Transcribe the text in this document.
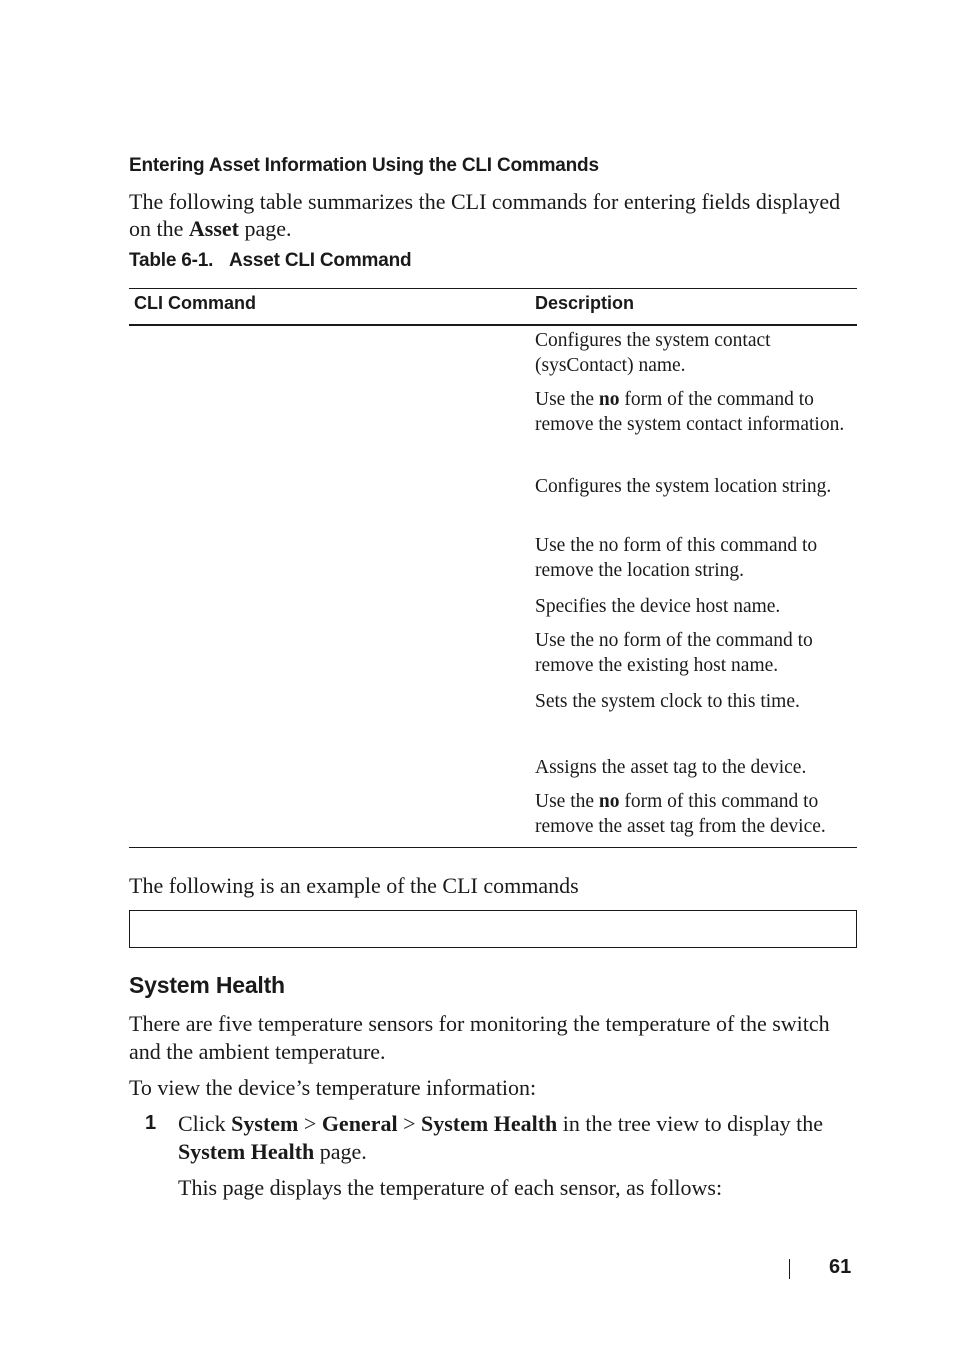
Entering Asset Information Using the CLI Commands
The following table summarizes the CLI commands for entering fields displayed on the Asset page.
Table 6-1. Asset CLI Command
CLI Command	Description
Configures the system contact (sysContact) name.
Use the no form of the command to remove the system contact information.
Configures the system location string.
Use the no form of this command to remove the location string.
Specifies the device host name.
Use the no form of the command to remove the existing host name.
Sets the system clock to this time.
Assigns the asset tag to the device.
Use the no form of this command to remove the asset tag from the device.
The following is an example of the CLI commands
System Health
There are five temperature sensors for monitoring the temperature of the switch and the ambient temperature.
To view the device’s temperature information:
1 Click System > General > System Health in the tree view to display the System Health page.
This page displays the temperature of each sensor, as follows:
61
